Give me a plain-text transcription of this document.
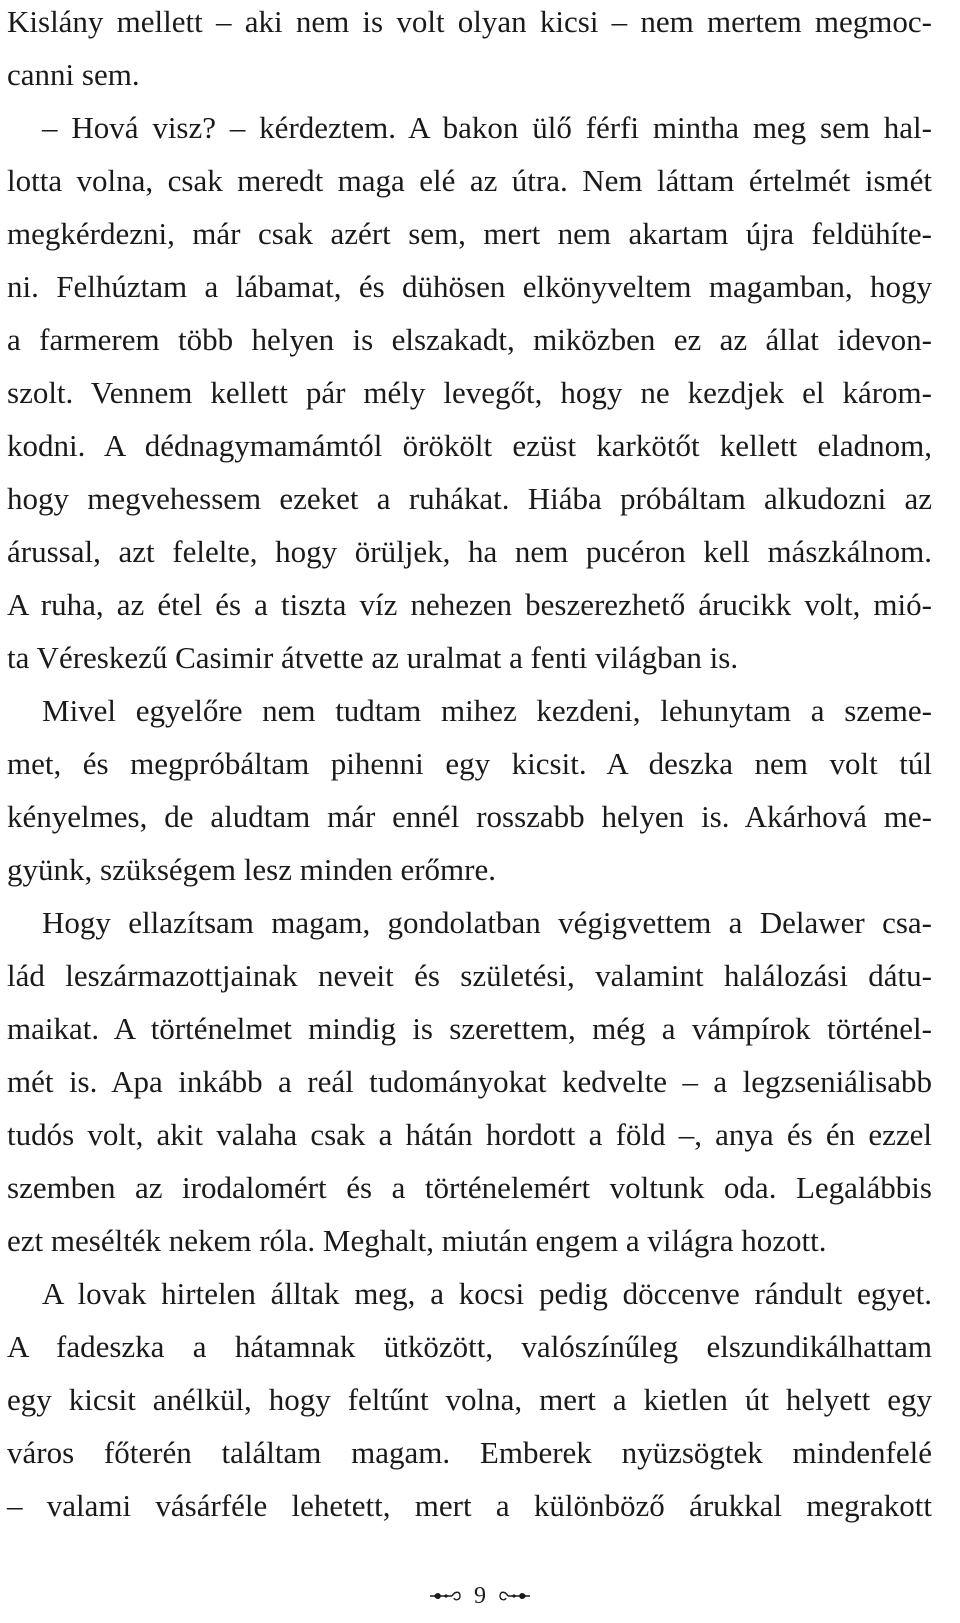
Kislány mellett – aki nem is volt olyan kicsi – nem mertem megmoc-
canni sem.
– Hová visz? – kérdeztem. A bakon ülő férfi mintha meg sem hal-
lotta volna, csak meredt maga elé az útra. Nem láttam értelmét ismét
megkérdezni, már csak azért sem, mert nem akartam újra feldühíte-
ni. Felhúztam a lábamat, és dühösen elkönyveltem magamban, hogy
a farmerem több helyen is elszakadt, miközben ez az állat idevon-
szolt. Vennem kellett pár mély levegőt, hogy ne kezdjek el károm-
kodni. A dédnagymamámtól örökölt ezüst karkötőt kellett eladnom,
hogy megvehessem ezeket a ruhákat. Hiába próbáltam alkudozni az
árussal, azt felelte, hogy örüljek, ha nem pucéron kell mászkálnom.
A ruha, az étel és a tiszta víz nehezen beszerezhető árucikk volt, mió-
ta Véreskezű Casimir átvette az uralmat a fenti világban is.
Mivel egyelőre nem tudtam mihez kezdeni, lehunytam a szeme-
met, és megpróbáltam pihenni egy kicsit. A deszka nem volt túl
kényelmes, de aludtam már ennél rosszabb helyen is. Akárhová me-
gyünk, szükségem lesz minden erőmre.
Hogy ellazítsam magam, gondolatban végigvettem a Delawer csa-
lád leszármazottjainak neveit és születési, valamint halálozási dátu-
maikat. A történelmet mindig is szerettem, még a vámpírok történel-
mét is. Apa inkább a reál tudományokat kedvelte – a legzseniálisabb
tudós volt, akit valaha csak a hátán hordott a föld –, anya és én ezzel
szemben az irodalomért és a történelemért voltunk oda. Legalábbis
ezt mesélték nekem róla. Meghalt, miután engem a világra hozott.
A lovak hirtelen álltak meg, a kocsi pedig döccenve rándult egyet.
A fadeszka a hátamnak ütközött, valószínűleg elszundikálhattam
egy kicsit anélkül, hogy feltűnt volna, mert a kietlen út helyett egy
város főterén találtam magam. Emberek nyüzsögtek mindenfelé
– valami vásárféle lehetett, mert a különböző árukkal megrakott
9
